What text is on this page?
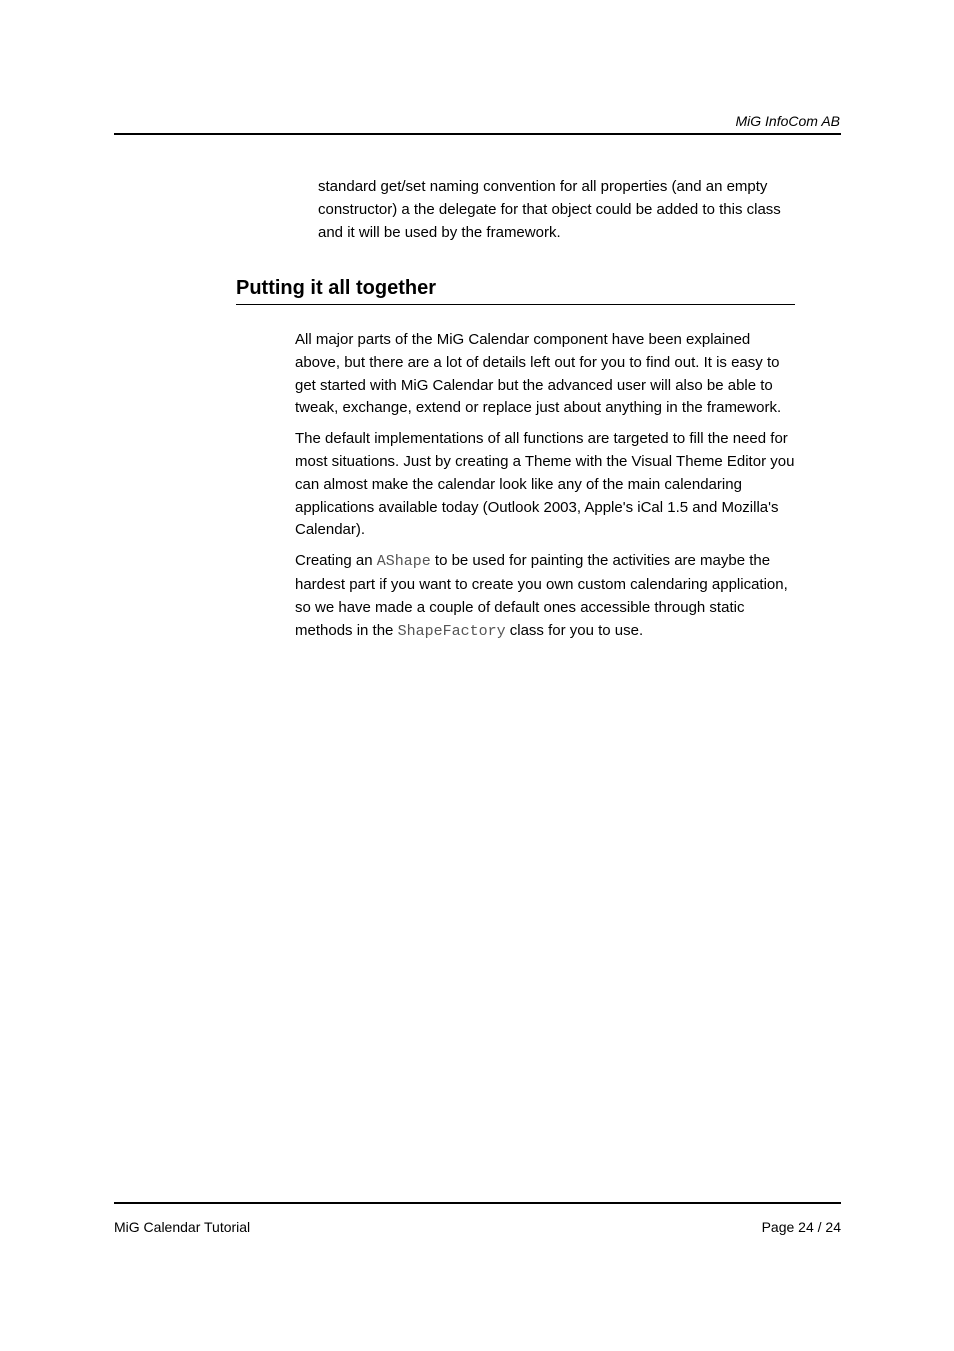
MiG InfoCom AB
standard get/set naming convention for all properties (and an empty constructor) a the delegate for that object could be added to this class and it will be used by the framework.
Putting it all together

All major parts of the MiG Calendar component have been explained above, but there are a lot of details left out for you to find out. It is easy to get started with MiG Calendar but the advanced user will also be able to tweak, exchange, extend or replace just about anything in the framework.

The default implementations of all functions are targeted to fill the need for most situations. Just by creating a Theme with the Visual Theme Editor you can almost make the calendar look like any of the main calendaring applications available today (Outlook 2003, Apple's iCal 1.5 and Mozilla's Calendar).

Creating an AShape to be used for painting the activities are maybe the hardest part if you want to create you own custom calendaring application, so we have made a couple of default ones accessible through static methods in the ShapeFactory class for you to use.

MiG Calendar Tutorial	Page 24 / 24
